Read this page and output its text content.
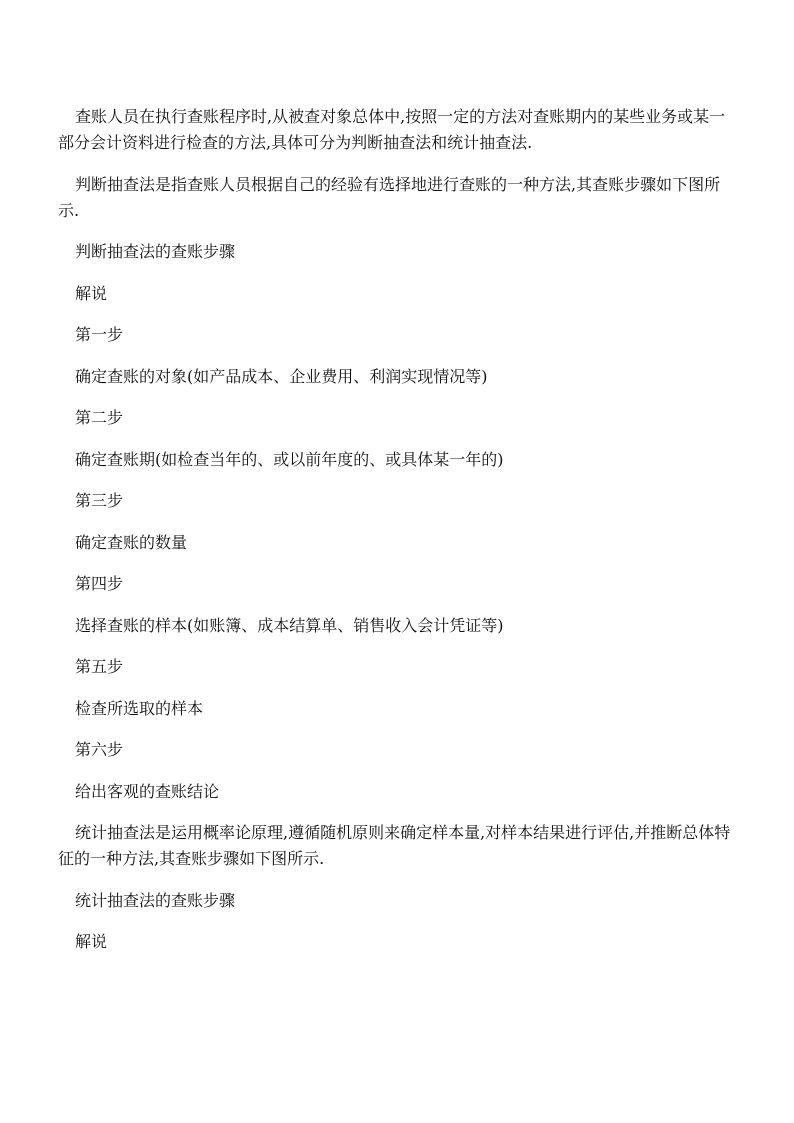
查账人员在执行查账程序时,从被查对象总体中,按照一定的方法对查账期内的某些业务或某一部分会计资料进行检查的方法,具体可分为判断抽查法和统计抽查法.

判断抽查法是指查账人员根据自己的经验有选择地进行查账的一种方法,其查账步骤如下图所示.

判断抽查法的查账步骤
解说
第一步
确定查账的对象(如产品成本、企业费用、利润实现情况等)
第二步
确定查账期(如检查当年的、或以前年度的、或具体某一年的)
第三步
确定查账的数量
第四步
选择查账的样本(如账簿、成本结算单、销售收入会计凭证等)
第五步
检查所选取的样本
第六步
给出客观的查账结论

统计抽查法是运用概率论原理,遵循随机原则来确定样本量,对样本结果进行评估,并推断总体特征的一种方法,其查账步骤如下图所示.

统计抽查法的查账步骤
解说
